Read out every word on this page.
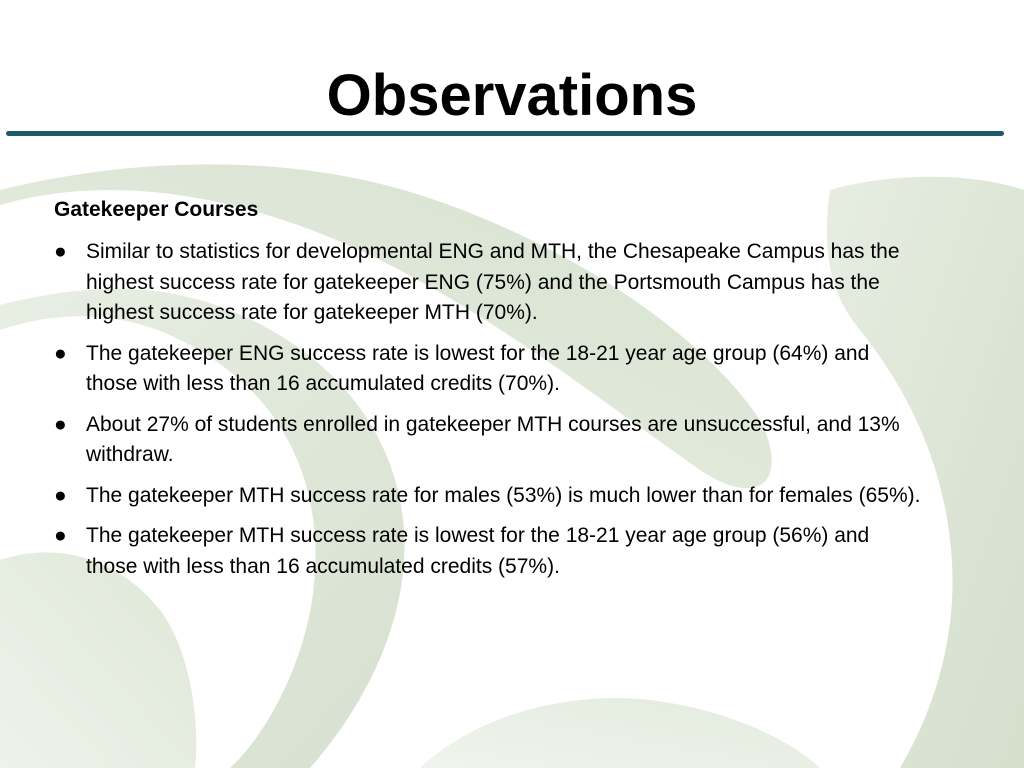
Observations
Gatekeeper Courses
● Similar to statistics for developmental ENG and MTH, the Chesapeake Campus has the highest success rate for gatekeeper ENG (75%) and the Portsmouth Campus has the highest success rate for gatekeeper MTH (70%).
● The gatekeeper ENG success rate is lowest for the 18-21 year age group (64%) and those with less than 16 accumulated credits (70%).
● About 27% of students enrolled in gatekeeper MTH courses are unsuccessful, and 13% withdraw.
● The gatekeeper MTH success rate for males (53%) is much lower than for females (65%).
● The gatekeeper MTH success rate is lowest for the 18-21 year age group (56%) and those with less than 16 accumulated credits (57%).
